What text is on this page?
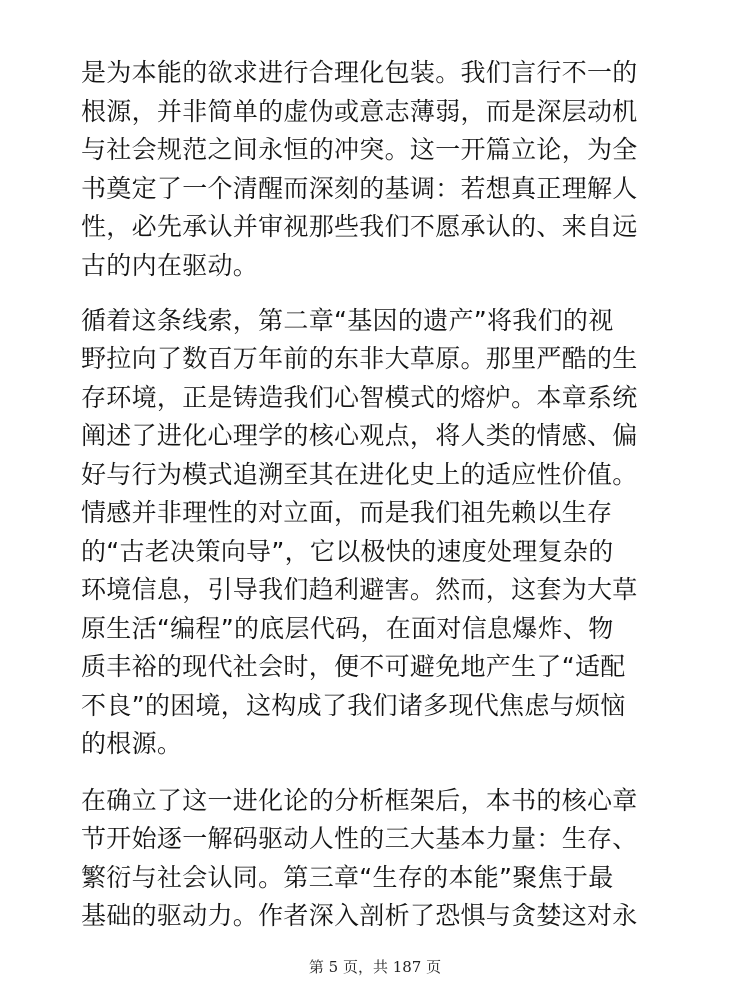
是为本能的欲求进行合理化包装。我们言行不一的
根源，并非简单的虚伪或意志薄弱，而是深层动机
与社会规范之间永恒的冲突。这一开篇立论，为全
书奠定了一个清醒而深刻的基调：若想真正理解人
性，必先承认并审视那些我们不愿承认的、来自远
古的内在驱动。
循着这条线索，第二章“基因的遗产”将我们的视
野拉向了数百万年前的东非大草原。那里严酷的生
存环境，正是铸造我们心智模式的熔炉。本章系统
阐述了进化心理学的核心观点，将人类的情感、偏
好与行为模式追溯至其在进化史上的适应性价值。
情感并非理性的对立面，而是我们祖先赖以生存
的“古老决策向导”，它以极快的速度处理复杂的
环境信息，引导我们趋利避害。然而，这套为大草
原生活“编程”的底层代码，在面对信息爆炸、物
质丰裕的现代社会时，便不可避免地产生了“适配
不良”的困境，这构成了我们诸多现代焦虑与烦恼
的根源。
在确立了这一进化论的分析框架后，本书的核心章
节开始逐一解码驱动人性的三大基本力量：生存、
繁衍与社会认同。第三章“生存的本能”聚焦于最
基础的驱动力。作者深入剖析了恐惧与贪婪这对永
第 5 页，共 187 页
